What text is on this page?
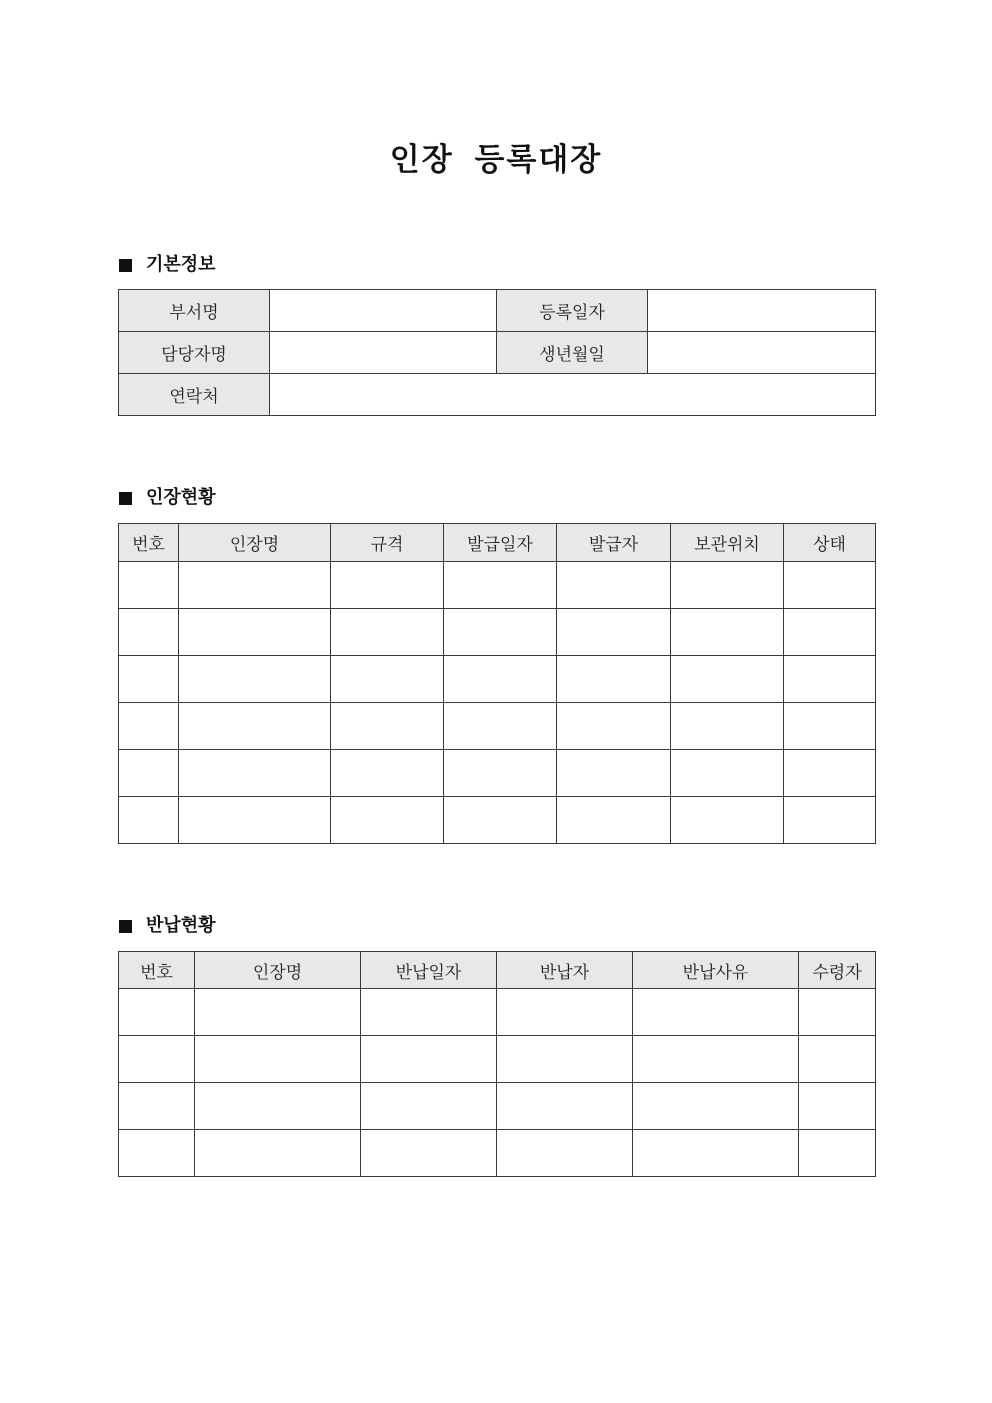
인장 등록대장
기본정보
부서명		등록일자	
담당자명		생년월일	
연락처			
인장현황
번호	인장명	규격	발급일자	발급자	보관위치	상태

반납현황
번호	인장명	반납일자	반납자	반납사유	수령자
